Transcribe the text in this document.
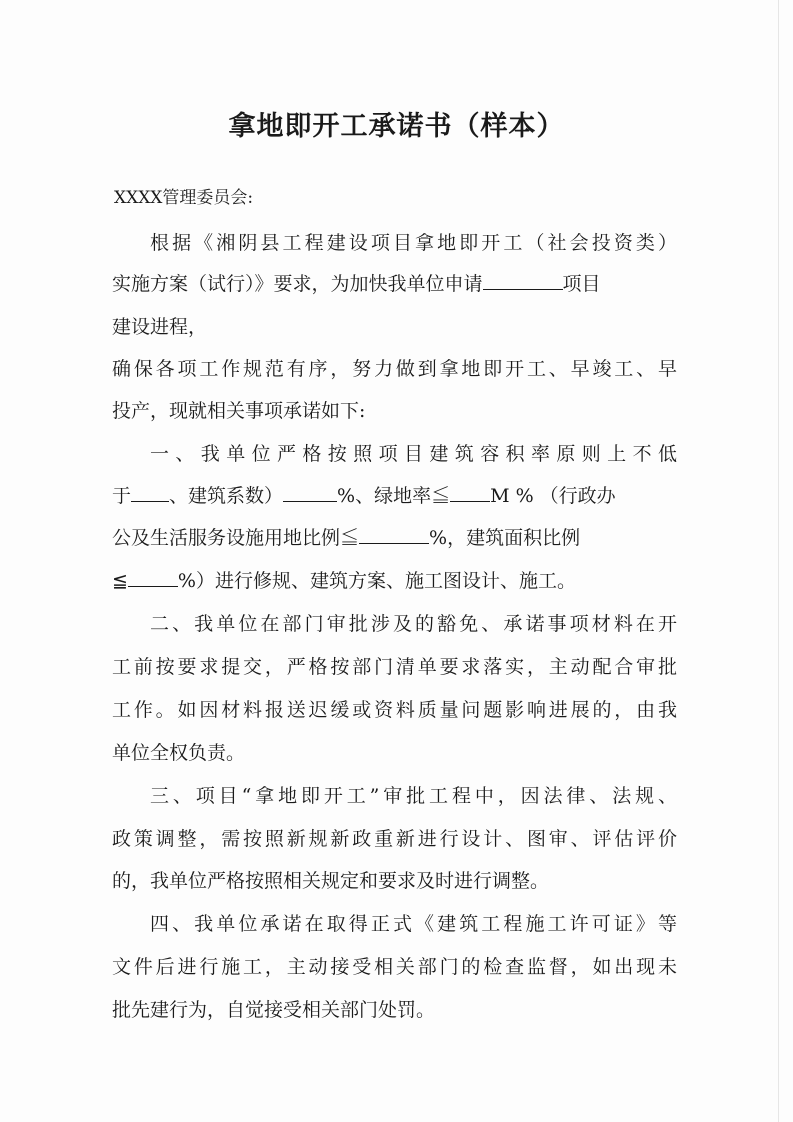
拿地即开工承诺书（样本）
XXXX管理委员会:
根据《湘阴县工程建设项目拿地即开工（社会投资类）
实施方案（试行）》要求，为加快我单位申请	项目
建设进程，
确保各项工作规范有序，努力做到拿地即开工、早竣工、早
投产，现就相关事项承诺如下:
一、我单位严格按照项目建筑容积率原则上不低
于 、建筑系数）	%、绿地率≦ M % （行政办
公及生活服务设施用地比例≦	%，建筑面积比例
≦	%）进行修规、建筑方案、施工图设计、施工。
二、我单位在部门审批涉及的豁免、承诺事项材料在开
工前按要求提交，严格按部门清单要求落实，主动配合审批
工作。如因材料报送迟缓或资料质量问题影响进展的，由我
单位全权负责。
三、项目“拿地即开工”审批工程中，因法律、法规、
政策调整，需按照新规新政重新进行设计、图审、评估评价
的，我单位严格按照相关规定和要求及时进行调整。
四、我单位承诺在取得正式《建筑工程施工许可证》等
文件后进行施工，主动接受相关部门的检查监督，如出现未
批先建行为，自觉接受相关部门处罚。
